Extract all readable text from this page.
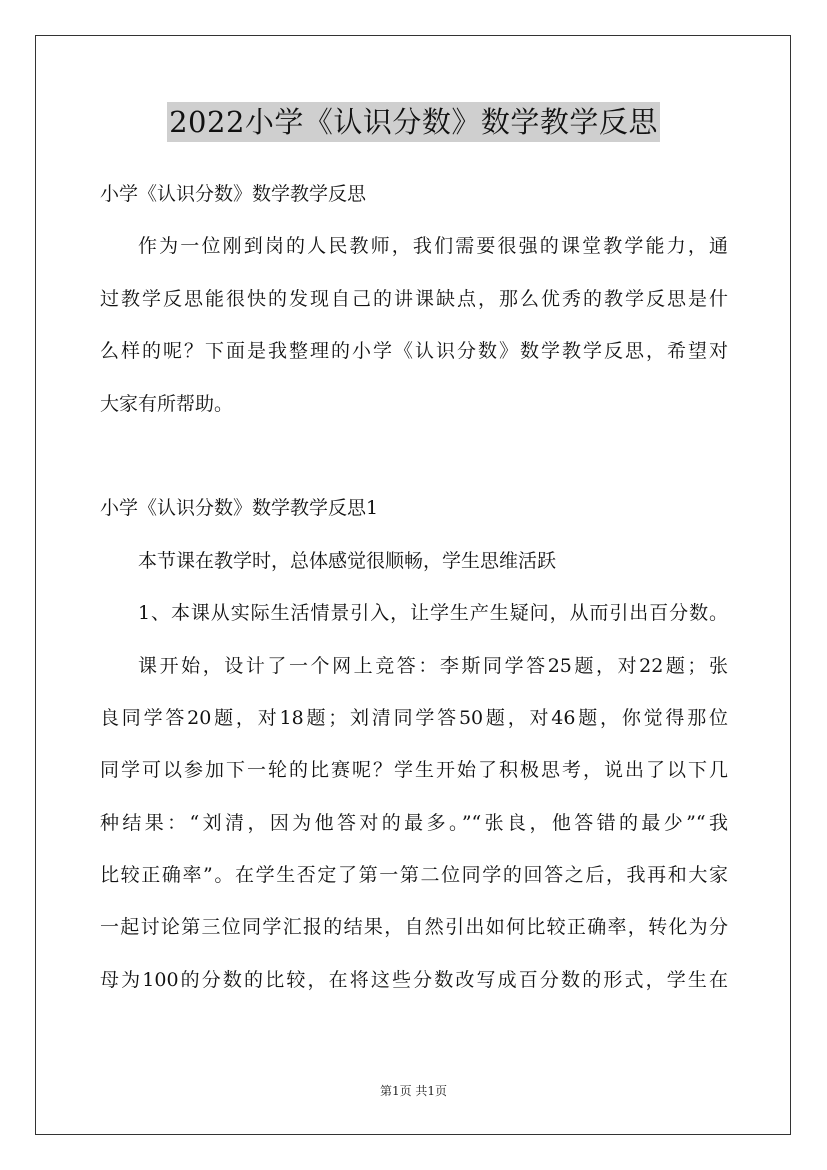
2022小学《认识分数》数学教学反思
小学《认识分数》数学教学反思
作为一位刚到岗的人民教师，我们需要很强的课堂教学能力，通
过教学反思能很快的发现自己的讲课缺点，那么优秀的教学反思是什
么样的呢？下面是我整理的小学《认识分数》数学教学反思，希望对
大家有所帮助。
小学《认识分数》数学教学反思1
本节课在教学时，总体感觉很顺畅，学生思维活跃
1、本课从实际生活情景引入，让学生产生疑问，从而引出百分数。
课开始，设计了一个网上竞答：李斯同学答25题，对22题；张
良同学答20题，对18题；刘清同学答50题，对46题，你觉得那位
同学可以参加下一轮的比赛呢？学生开始了积极思考，说出了以下几
种结果：“刘清，因为他答对的最多。”“张良，他答错的最少”“我
比较正确率”。在学生否定了第一第二位同学的回答之后，我再和大家
一起讨论第三位同学汇报的结果，自然引出如何比较正确率，转化为分
母为100的分数的比较，在将这些分数改写成百分数的形式，学生在
第1页 共1页
